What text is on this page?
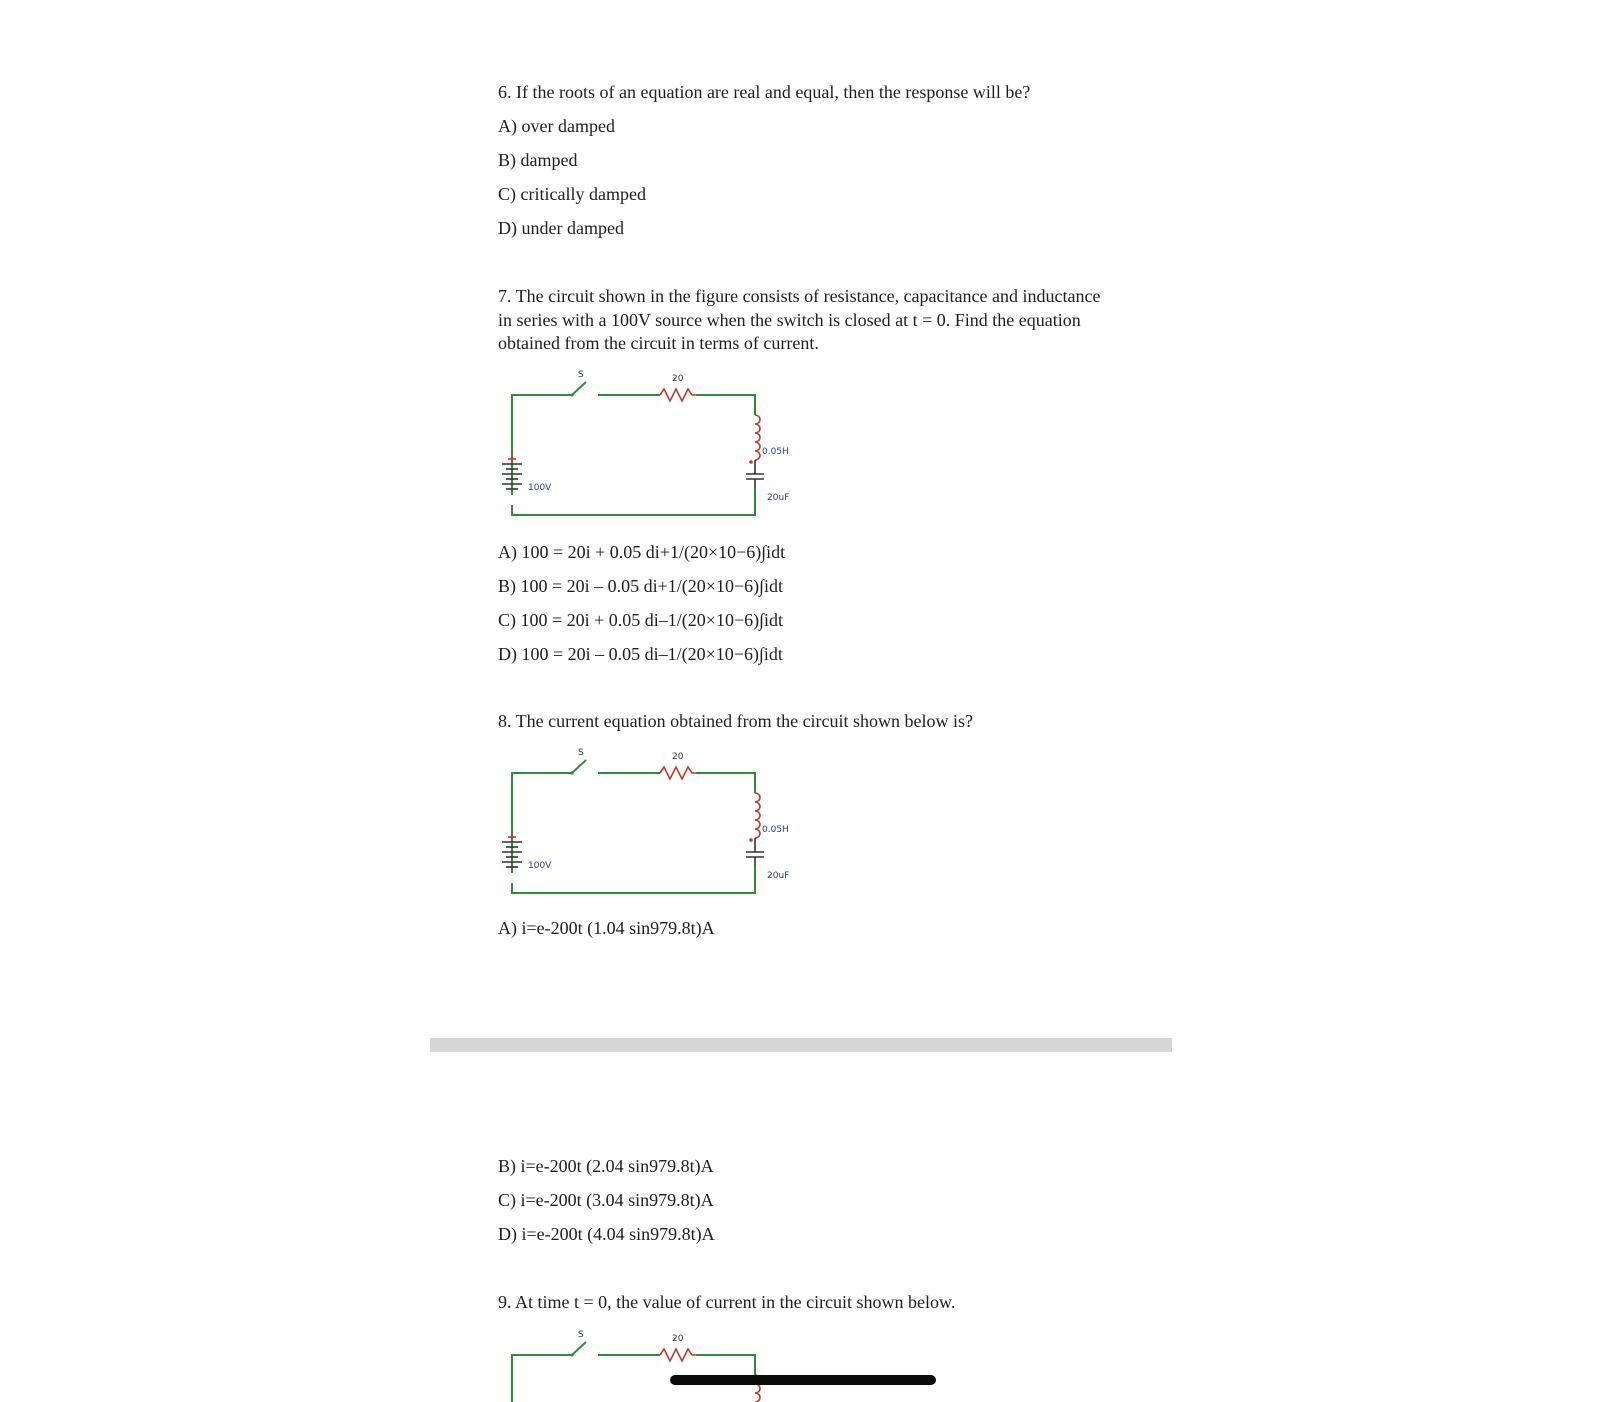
6. If the roots of an equation are real and equal, then the response will be?
A) over damped
B) damped
C) critically damped
D) under damped
7. The circuit shown in the figure consists of resistance, capacitance and inductance
in series with a 100V source when the switch is closed at t = 0. Find the equation
obtained from the circuit in terms of current.
S	20
0.05H
20uF
100V
A) 100 = 20i + 0.05 di+1/(20×10−6)∫idt
B) 100 = 20i – 0.05 di+1/(20×10−6)∫idt
C) 100 = 20i + 0.05 di–1/(20×10−6)∫idt
D) 100 = 20i – 0.05 di–1/(20×10−6)∫idt
8. The current equation obtained from the circuit shown below is?
S	20
0.05H
20uF
100V
A) i=e-200t (1.04 sin979.8t)A
B) i=e-200t (2.04 sin979.8t)A
C) i=e-200t (3.04 sin979.8t)A
D) i=e-200t (4.04 sin979.8t)A
9. At time t = 0, the value of current in the circuit shown below.
S	20
